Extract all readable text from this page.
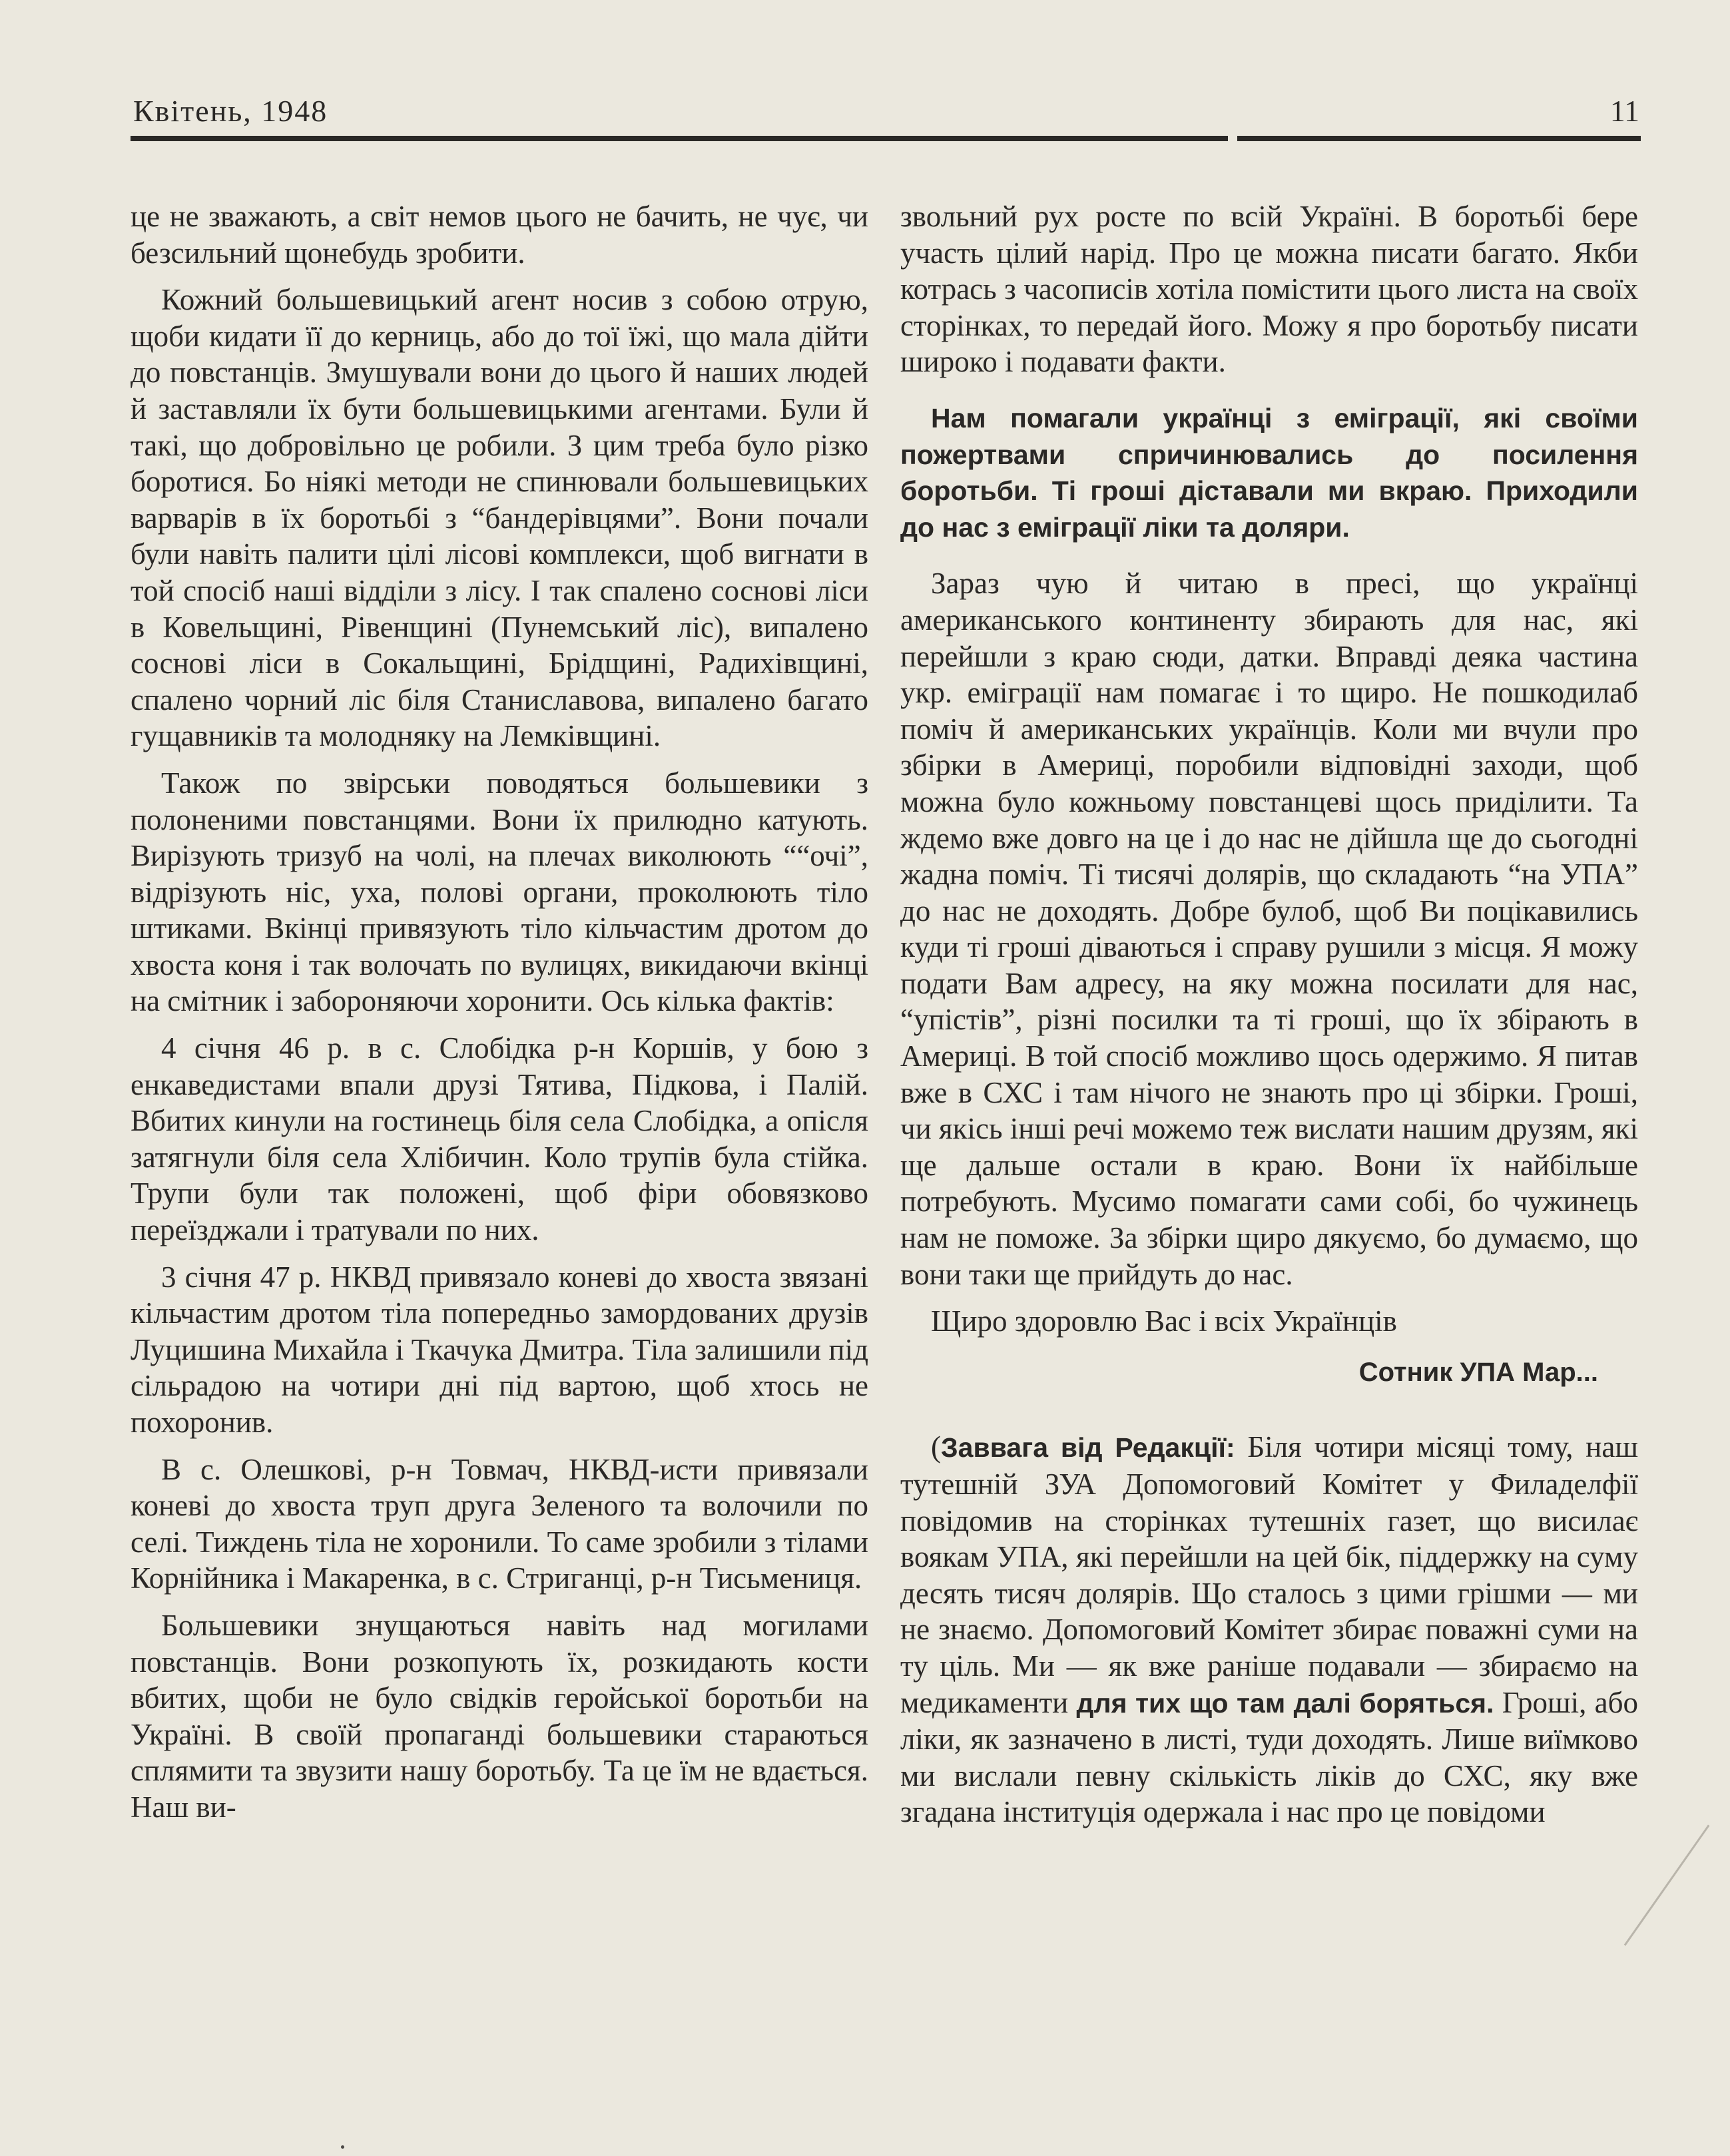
Квітень, 1948	11

це не зважають, а світ немов цього не бачить, не чує, чи безсильний щонебудь зробити.

Кожний большевицький агент носив з собою отрую, щоби кидати її до керниць, або до тої їжі, що мала дійти до повстанців. Змушували вони до цього й наших людей й заставляли їх бути большевицькими агентами. Були й такі, що добровільно це робили. З цим треба було різко боротися. Бо ніякі методи не спинювали большевицьких варварів в їх боротьбі з “бандерівцями”. Вони почали були навіть палити цілі лісові комплекси, щоб вигнати в той спосіб наші відділи з лісу. І так спалено соснові ліси в Ковельщині, Рівенщині (Пунемський ліс), випалено соснові ліси в Сокальщині, Брідщині, Радихівщині, спалено чорний ліс біля Станиславова, випалено багато гущавників та молодняку на Лемківщині.

Також по звірськи поводяться большевики з полоненими повстанцями. Вони їх прилюдно катують. Вирізують тризуб на чолі, на плечах виколюють ““очі”, відрізують ніс, уха, полові органи, проколюють тіло штиками. Вкінці привязують тіло кільчастим дротом до хвоста коня і так волочать по вулицях, викидаючи вкінці на смітник і забороняючи хоронити. Ось кілька фактів:

4 січня 46 р. в с. Слобідка р-н Коршів, у бою з енкаведистами впали друзі Тятива, Підкова, і Палій. Вбитих кинули на гостинець біля села Слобідка, а опісля затягнули біля села Хлібичин. Коло трупів була стійка. Трупи були так положені, щоб фіри обовязково переїзджали і тратували по них.

3 січня 47 р. НКВД привязало коневі до хвоста звязані кільчастим дротом тіла попередньо замордованих друзів Луцишина Михайла і Ткачука Дмитра. Тіла залишили під сільрадою на чотири дні під вартою, щоб хтось не похоронив.

В с. Олешкові, р-н Товмач, НКВД-исти привязали коневі до хвоста труп друга Зеленого та волочили по селі. Тиждень тіла не хоронили. То саме зробили з тілами Корнійника і Макаренка, в с. Стриганці, р-н Тисьмениця.

Большевики знущаються навіть над могилами повстанців. Вони розкопують їх, розкидають кости вбитих, щоби не було свідків геройської боротьби на Україні. В своїй пропаганді большевики стараються сплямити та звузити нашу боротьбу. Та це їм не вдається. Наш ви-

звольний рух росте по всій Україні. В боротьбі бере участь цілий нарід. Про це можна писати багато. Якби котрась з часописів хотіла помістити цього листа на своїх сторінках, то передай його. Можу я про боротьбу писати широко і подавати факти.

Нам помагали українці з еміграції, які своїми пожертвами спричинювались до посилення боротьби. Ті гроші діставали ми вкраю. Приходили до нас з еміграції ліки та доляри.

Зараз чую й читаю в пресі, що українці американського континенту збирають для нас, які перейшли з краю сюди, датки. Вправді деяка частина укр. еміграції нам помагає і то щиро. Не пошкодилаб поміч й американських українців. Коли ми вчули про збірки в Америці, поробили відповідні заходи, щоб можна було кожньому повстанцеві щось приділити. Та ждемо вже довго на це і до нас не дійшла ще до сьогодні жадна поміч. Ті тисячі долярів, що складають “на УПА” до нас не доходять. Добре булоб, щоб Ви поцікавились куди ті гроші діваються і справу рушили з місця. Я можу подати Вам адресу, на яку можна посилати для нас, “упістів”, різні посилки та ті гроші, що їх збірають в Америці. В той спосіб можливо щось одержимо. Я питав вже в СХС і там нічого не знають про ці збірки. Гроші, чи якісь інші речі можемо теж вислати нашим друзям, які ще дальше остали в краю. Вони їх найбільше потребують. Мусимо помагати сами собі, бо чужинець нам не поможе. За збірки щиро дякуємо, бо думаємо, що вони таки ще прийдуть до нас.

Щиро здоровлю Вас і всіх Українців

Сотник УПА Мар...

(Заввага від Редакції: Біля чотири місяці тому, наш тутешній ЗУА Допомоговий Комітет у Филаделфії повідомив на сторінках тутешніх газет, що висилає воякам УПА, які перейшли на цей бік, піддержку на суму десять тисяч долярів. Що сталось з цими грішми — ми не знаємо. Допомоговий Комітет збирає поважні суми на ту ціль. Ми — як вже раніше подавали — збираємо на медикаменти для тих що там далі боряться. Гроші, або ліки, як зазначено в листі, туди доходять. Лише виїмково ми вислали певну скількість ліків до СХС, яку вже згадана інституція одержала і нас про це повідоми
